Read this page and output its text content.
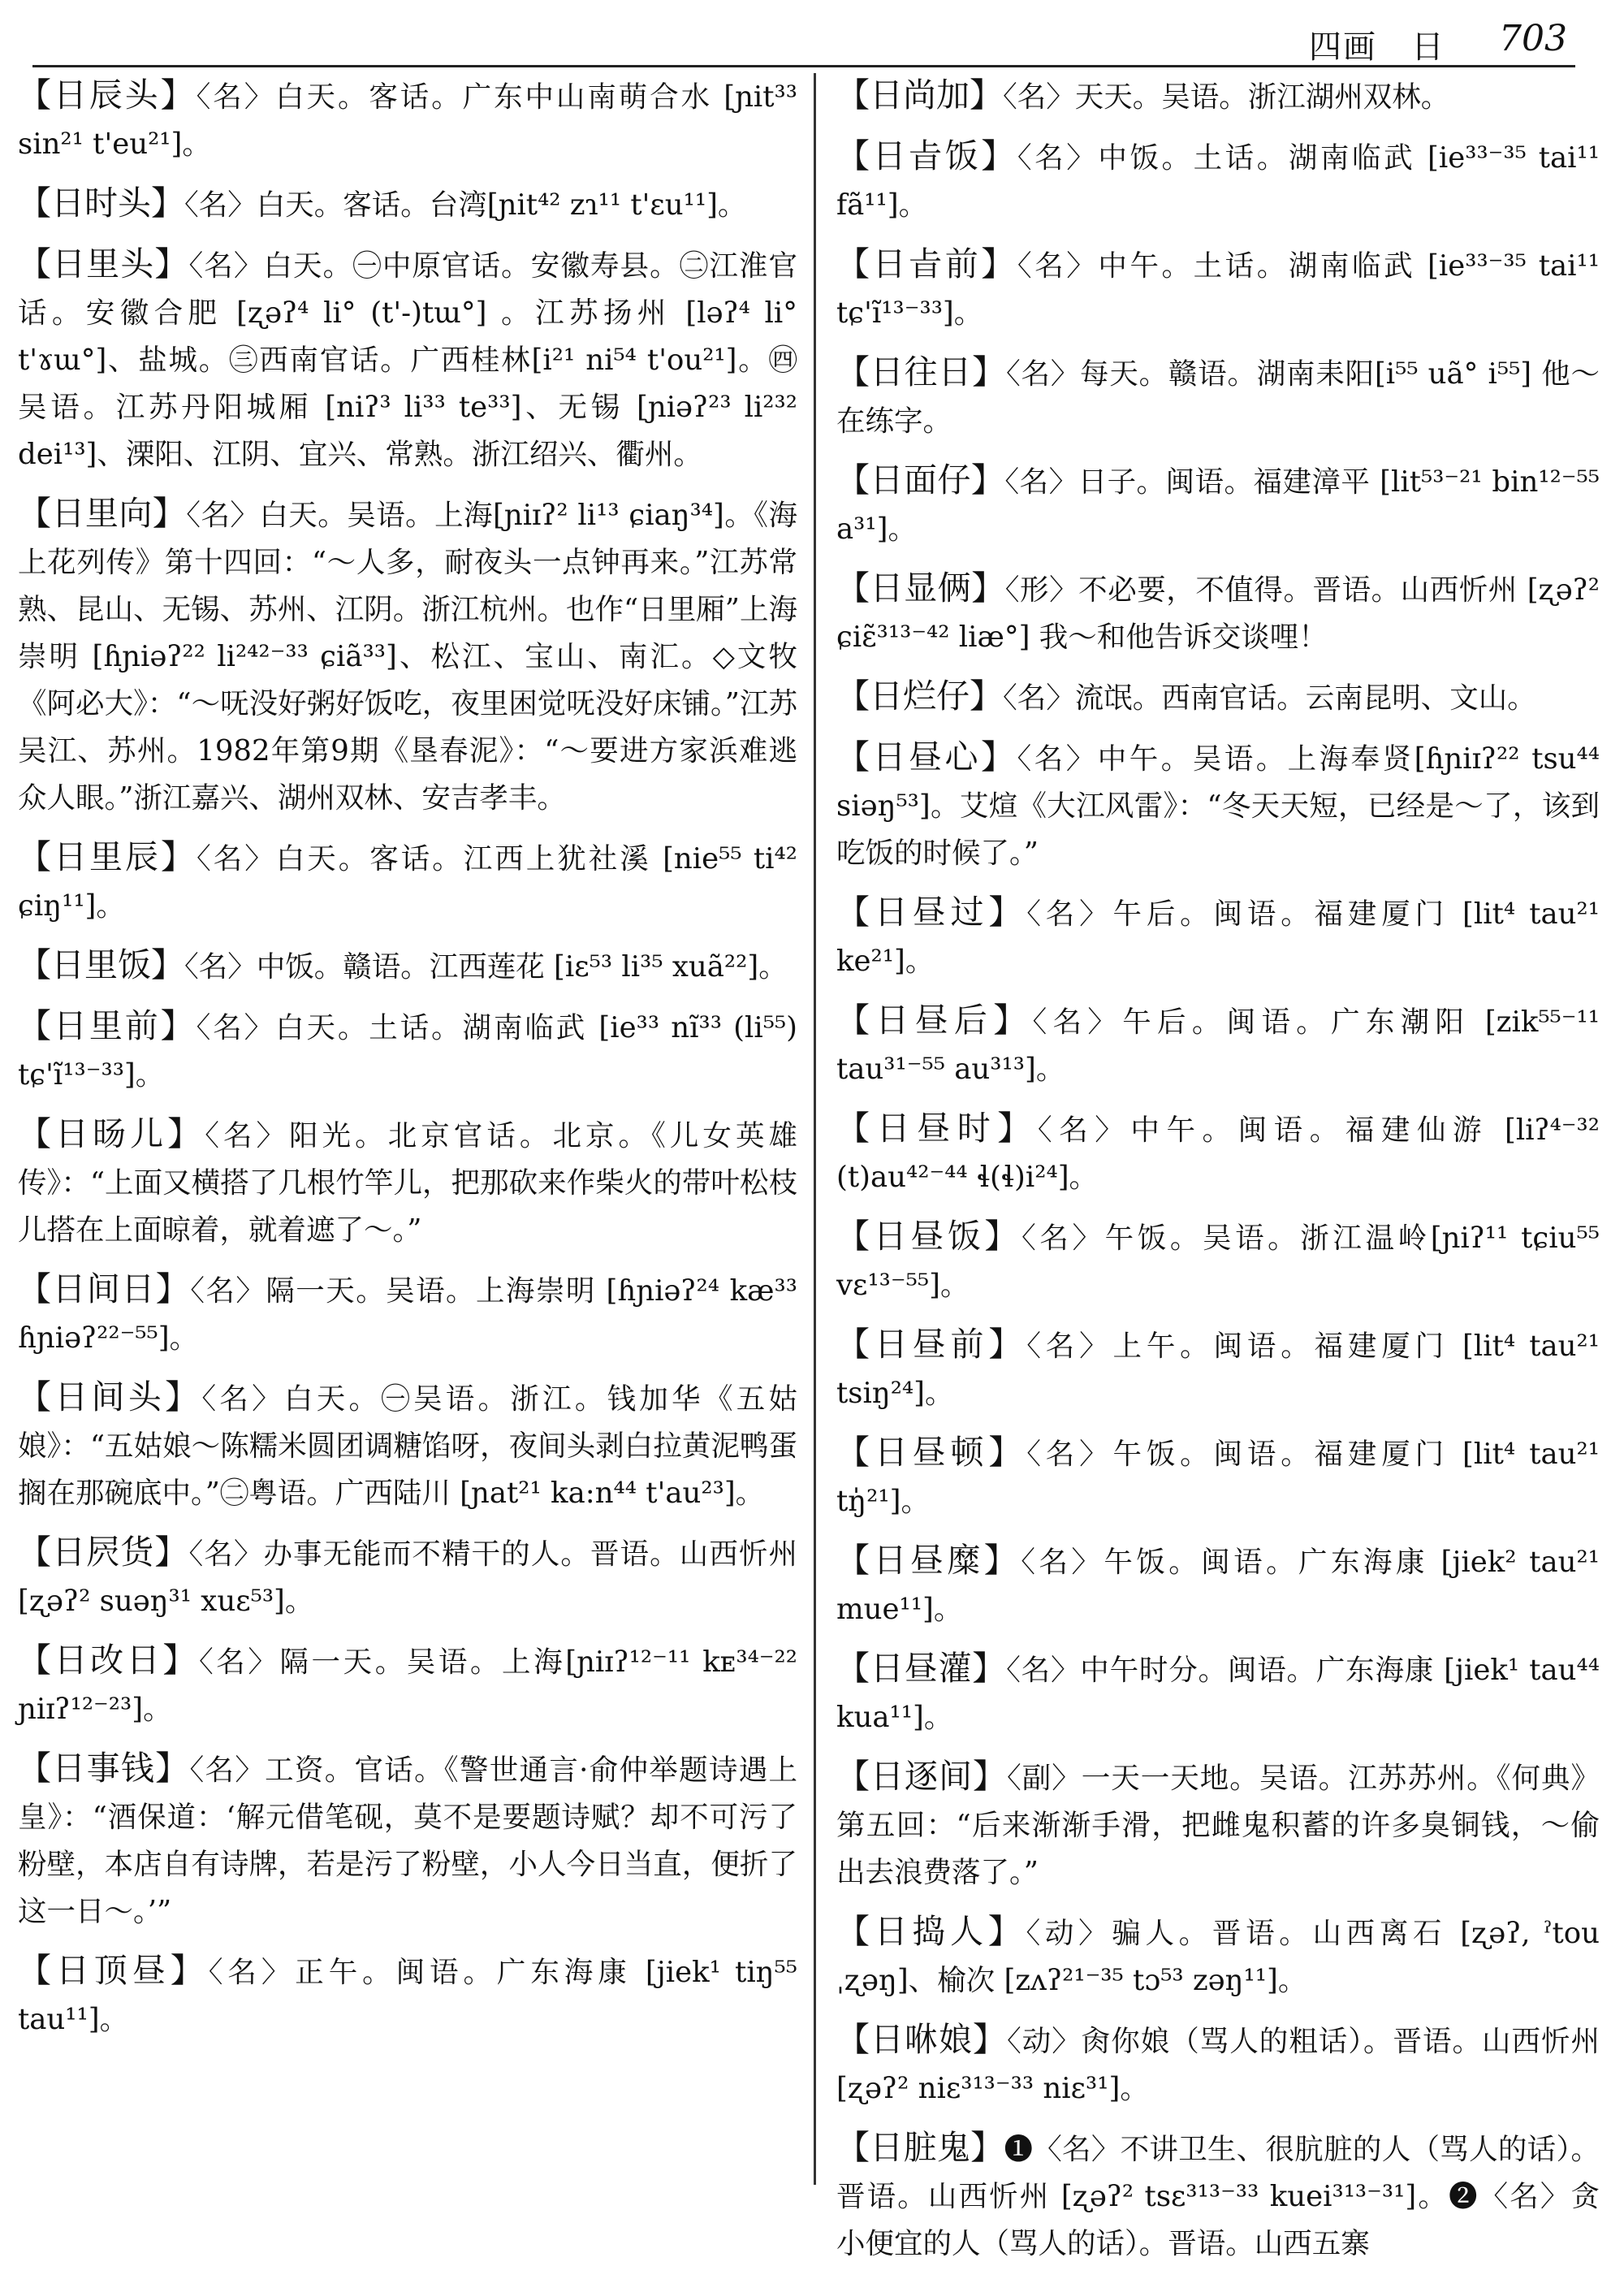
四画　日 703
【日辰头】〈名〉白天。客话。广东中山南萌合水 [ɲit³³ sin²¹ t'eu²¹]。
【日时头】〈名〉白天。客话。台湾[ɲit⁴² zɿ¹¹ t'ɛu¹¹]。
【日里头】〈名〉白天。㊀中原官话。安徽寿县。㊁江淮官话。安徽合肥 [ʐəʔ⁴ li° (t'-)tɯ°] 。江苏扬州 [ləʔ⁴ li° t'ɤɯ°]、盐城。㊂西南官话。广西桂林[i²¹ ni⁵⁴ t'ou²¹]。㊃吴语。江苏丹阳城厢 [niʔ³ li³³ te³³]、无锡 [ɲiəʔ²³ li²³² dei¹³]、溧阳、江阴、宜兴、常熟。浙江绍兴、衢州。
【日里向】〈名〉白天。吴语。上海[ɲiɪʔ² li¹³ ɕiaŋ³⁴]。《海上花列传》第十四回：“～人多，耐夜头一点钟再来。”江苏常熟、昆山、无锡、苏州、江阴。浙江杭州。也作“日里厢”上海崇明 [ɦɲiəʔ²² li²⁴²⁻³³ ɕiã³³]、松江、宝山、南汇。◇文牧《阿必大》：“～呒没好粥好饭吃，夜里困觉呒没好床铺。”江苏吴江、苏州。1982年第9期《垦春泥》：“～要进方家浜难逃众人眼。”浙江嘉兴、湖州双林、安吉孝丰。
【日里辰】〈名〉白天。客话。江西上犹社溪 [nie⁵⁵ ti⁴² ɕiŋ¹¹]。
【日里饭】〈名〉中饭。赣语。江西莲花 [iɛ⁵³ li³⁵ xuã²²]。
【日里前】〈名〉白天。土话。湖南临武 [ie³³ nĩ³³ (li⁵⁵) tɕ'ĩ¹³⁻³³]。
【日旸儿】〈名〉阳光。北京官话。北京。《儿女英雄传》：“上面又横搭了几根竹竿儿，把那砍来作柴火的带叶松枝儿搭在上面晾着，就着遮了～。”
【日间日】〈名〉隔一天。吴语。上海崇明 [ɦɲiəʔ²⁴ kæ³³ ɦɲiəʔ²²⁻⁵⁵]。
【日间头】〈名〉白天。㊀吴语。浙江。钱加华《五姑娘》：“五姑娘～陈糯米圆团调糖馅呀，夜间头剥白拉黄泥鸭蛋搁在那碗底中。”㊁粤语。广西陆川 [ɲat²¹ ka:n⁴⁴ t'au²³]。
【日屄货】〈名〉办事无能而不精干的人。晋语。山西忻州 [ʐəʔ² suəŋ³¹ xuɛ⁵³]。
【日改日】〈名〉隔一天。吴语。上海[ɲiɪʔ¹²⁻¹¹ kᴇ³⁴⁻²² ɲiɪʔ¹²⁻²³]。
【日事钱】〈名〉工资。官话。《警世通言·俞仲举题诗遇上皇》：“酒保道：‘解元借笔砚，莫不是要题诗赋？却不可污了粉壁，本店自有诗牌，若是污了粉壁，小人今日当直，便折了这一日～。’”
【日顶昼】〈名〉正午。闽语。广东海康 [jiek¹ tiŋ⁵⁵ tau¹¹]。
【日尚加】〈名〉天天。吴语。浙江湖州双林。
【日㫖饭】〈名〉中饭。土话。湖南临武 [ie³³⁻³⁵ tai¹¹ fã¹¹]。
【日㫖前】〈名〉中午。土话。湖南临武 [ie³³⁻³⁵ tai¹¹ tɕ'ĩ¹³⁻³³]。
【日往日】〈名〉每天。赣语。湖南耒阳[i⁵⁵ uã° i⁵⁵] 他～在练字。
【日面仔】〈名〉日子。闽语。福建漳平 [lit⁵³⁻²¹ bin¹²⁻⁵⁵ a³¹]。
【日显俩】〈形〉不必要，不值得。晋语。山西忻州 [ʐəʔ² ɕiɛ̃³¹³⁻⁴² liæ°] 我～和他告诉交谈哩！
【日烂仔】〈名〉流氓。西南官话。云南昆明、文山。
【日昼心】〈名〉中午。吴语。上海奉贤[ɦɲiɪʔ²² tsu⁴⁴ siəŋ⁵³]。艾煊《大江风雷》：“冬天天短，已经是～了，该到吃饭的时候了。”
【日昼过】〈名〉午后。闽语。福建厦门 [lit⁴ tau²¹ ke²¹]。
【日昼后】〈名〉午后。闽语。广东潮阳 [zik⁵⁵⁻¹¹ tau³¹⁻⁵⁵ au³¹³]。
【日昼时】〈名〉中午。闽语。福建仙游 [liʔ⁴⁻³² (t)au⁴²⁻⁴⁴ ɬ(ɬ)i²⁴]。
【日昼饭】〈名〉午饭。吴语。浙江温岭[ɲiʔ¹¹ tɕiu⁵⁵ vɛ¹³⁻⁵⁵]。
【日昼前】〈名〉上午。闽语。福建厦门 [lit⁴ tau²¹ tsiŋ²⁴]。
【日昼顿】〈名〉午饭。闽语。福建厦门 [lit⁴ tau²¹ tŋ̍²¹]。
【日昼糜】〈名〉午饭。闽语。广东海康 [jiek² tau²¹ mue¹¹]。
【日昼灌】〈名〉中午时分。闽语。广东海康 [jiek¹ tau⁴⁴ kua¹¹]。
【日逐间】〈副〉一天一天地。吴语。江苏苏州。《何典》第五回：“后来渐渐手滑，把雌鬼积蓄的许多臭铜钱，～偷出去浪费落了。”
【日捣人】〈动〉骗人。晋语。山西离石 [ʐəʔ, ˀtou ˌʐəŋ]、榆次 [zʌʔ²¹⁻³⁵ tɔ⁵³ zəŋ¹¹]。
【日咻娘】〈动〉肏你娘（骂人的粗话）。晋语。山西忻州 [ʐəʔ² niɛ³¹³⁻³³ niɛ³¹]。
【日脏鬼】❶〈名〉不讲卫生、很肮脏的人（骂人的话）。晋语。山西忻州 [ʐəʔ² tsɛ³¹³⁻³³ kuei³¹³⁻³¹]。❷〈名〉贪小便宜的人（骂人的话）。晋语。山西五寨
